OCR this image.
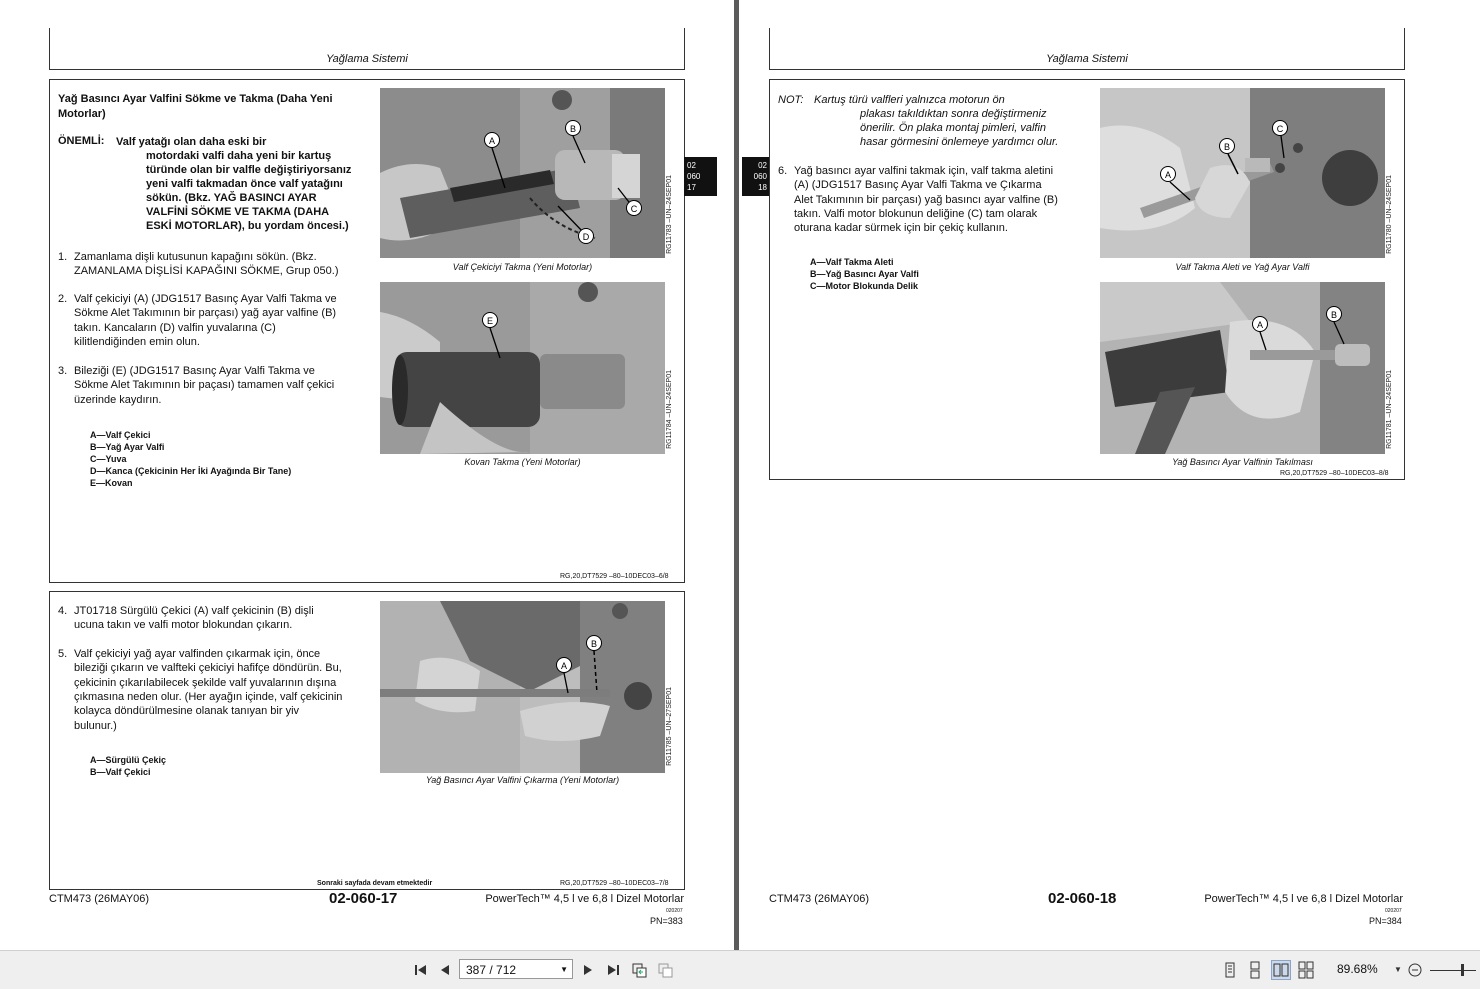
Yağlama Sistemi
Yağ Basıncı Ayar Valfini Sökme ve Takma (Daha Yeni Motorlar)
ÖNEMLİ: Valf yatağı olan daha eski bir
motordaki valfi daha yeni bir kartuş
türünde olan bir valfle değiştiriyorsanız
yeni valfi takmadan önce valf yatağını
sökün. (Bkz. YAĞ BASINCI AYAR
VALFİNİ SÖKME VE TAKMA (DAHA
ESKİ MOTORLAR), bu yordam öncesi.)
1. Zamanlama dişli kutusunun kapağını sökün. (Bkz.
ZAMANLAMA DİŞLİSİ KAPAĞINI SÖKME, Grup 050.)
2. Valf çekiciyi (A) (JDG1517 Basınç Ayar Valfi Takma ve
Sökme Alet Takımının bir parçası) yağ ayar valfine (B)
takın. Kancaların (D) valfin yuvalarına (C)
kilitlendiğinden emin olun.
3. Bileziği (E) (JDG1517 Basınç Ayar Valfi Takma ve
Sökme Alet Takımının bir paçası) tamamen valf çekici
üzerinde kaydırın.
A—Valf Çekici
B—Yağ Ayar Valfi
C—Yuva
D—Kanca (Çekicinin Her İki Ayağında Bir Tane)
E—Kovan
A
B
C
D	RG11783 –UN–24SEP01
Valf Çekiciyi Takma (Yeni Motorlar)
E
RG11784 –UN–24SEP01
Kovan Takma (Yeni Motorlar)
RG,20,DT7529 –80–10DEC03–6/8
02
060
17
4. JT01718 Sürgülü Çekici (A) valf çekicinin (B) dişli
ucuna takın ve valfi motor blokundan çıkarın.
5. Valf çekiciyi yağ ayar valfinden çıkarmak için, önce
bileziği çıkarın ve valfteki çekiciyi hafifçe döndürün. Bu,
çekicinin çıkarılabilecek şekilde valf yuvalarının dışına
çıkmasına neden olur. (Her ayağın içinde, valf çekicinin
kolayca döndürülmesine olanak tanıyan bir yiv
bulunur.)
A—Sürgülü Çekiç
B—Valf Çekici
A
B
RG11785 –UN–27SEP01
Yağ Basıncı Ayar Valfini Çıkarma (Yeni Motorlar)
Sonraki sayfada devam etmektedir	RG,20,DT7529 –80–10DEC03–7/8
CTM473 (26MAY06)	02-060-17	PowerTech™ 4,5 l ve 6,8 l Dizel Motorlar
020207
PN=383
Yağlama Sistemi
02
060
18
NOT: Kartuş türü valfleri yalnızca motorun ön
plakası takıldıktan sonra değiştirmeniz
önerilir. Ön plaka montaj pimleri, valfin
hasar görmesini önlemeye yardımcı olur.
6. Yağ basıncı ayar valfini takmak için, valf takma aletini
(A) (JDG1517 Basınç Ayar Valfi Takma ve Çıkarma
Alet Takımının bir parçası) yağ basıncı ayar valfine (B)
takın. Valfi motor blokunun deliğine (C) tam olarak
oturana kadar sürmek için bir çekiç kullanın.
A—Valf Takma Aleti
B—Yağ Basıncı Ayar Valfi
C—Motor Blokunda Delik
A
B
C
RG11780 –UN–24SEP01
Valf Takma Aleti ve Yağ Ayar Valfi
A
B
RG11781 –UN–24SEP01
Yağ Basıncı Ayar Valfinin Takılması
RG,20,DT7529 –80–10DEC03–8/8
CTM473 (26MAY06)	02-060-18	PowerTech™ 4,5 l ve 6,8 l Dizel Motorlar
020207
PN=384
387 / 712	▼	89.68% ▼
